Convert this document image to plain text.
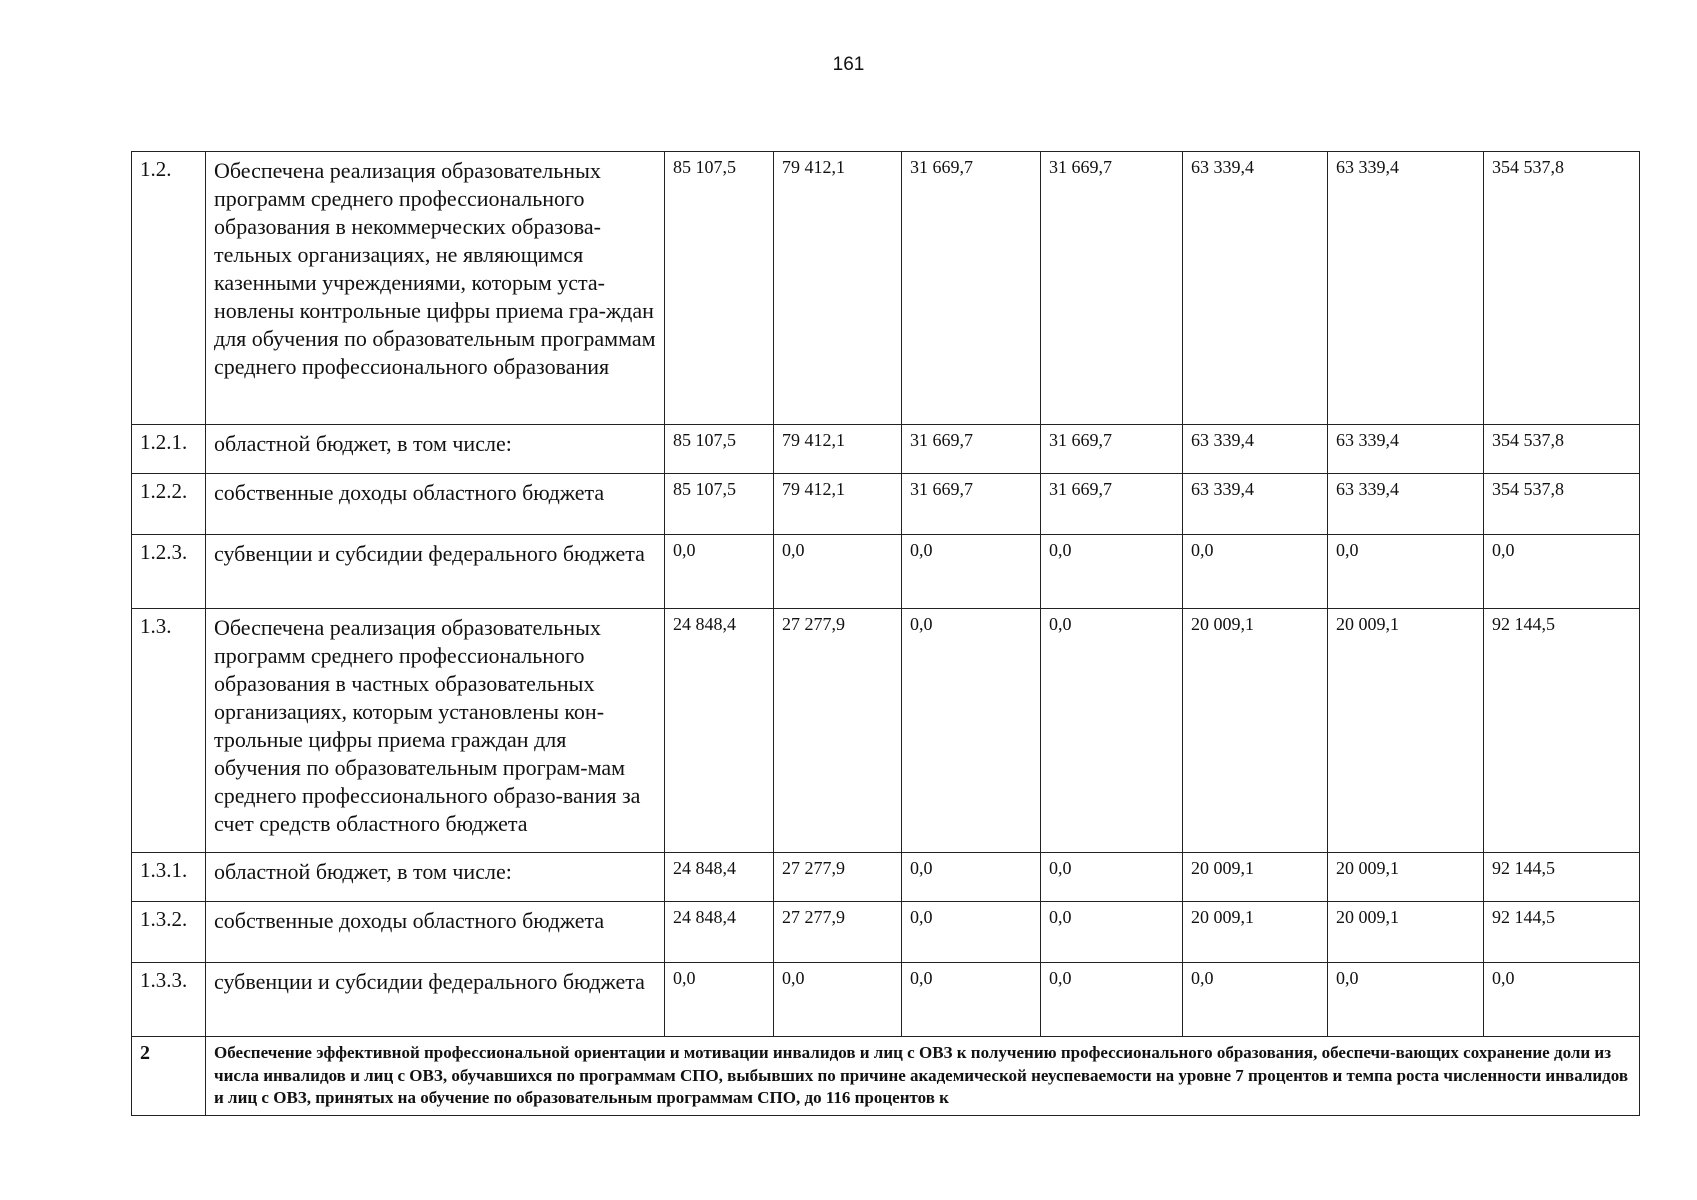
161
1.2.	Обеспечена реализация образовательных программ среднего профессионального образования в некоммерческих образова-тельных организациях, не являющимся казенными учреждениями, которым уста-новлены контрольные цифры приема гра-ждан для обучения по образовательным программам среднего профессионального образования	85 107,5	79 412,1	31 669,7	31 669,7	63 339,4	63 339,4	354 537,8
1.2.1.	областной бюджет, в том числе:	85 107,5	79 412,1	31 669,7	31 669,7	63 339,4	63 339,4	354 537,8
1.2.2.	собственные доходы областного бюджета	85 107,5	79 412,1	31 669,7	31 669,7	63 339,4	63 339,4	354 537,8
1.2.3.	субвенции и субсидии федерального бюджета	0,0	0,0	0,0	0,0	0,0	0,0	0,0
1.3.	Обеспечена реализация образовательных программ среднего профессионального образования в частных образовательных организациях, которым установлены кон-трольные цифры приема граждан для обучения по образовательным програм-мам среднего профессионального образо-вания за счет средств областного бюджета	24 848,4	27 277,9	0,0	0,0	20 009,1	20 009,1	92 144,5
1.3.1.	областной бюджет, в том числе:	24 848,4	27 277,9	0,0	0,0	20 009,1	20 009,1	92 144,5
1.3.2.	собственные доходы областного бюджета	24 848,4	27 277,9	0,0	0,0	20 009,1	20 009,1	92 144,5
1.3.3.	субвенции и субсидии федерального бюджета	0,0	0,0	0,0	0,0	0,0	0,0	0,0
2	Обеспечение эффективной профессиональной ориентации и мотивации инвалидов и лиц с ОВЗ к получению профессионального образования, обеспечи-вающих сохранение доли из числа инвалидов и лиц с ОВЗ, обучавшихся по программам СПО, выбывших по причине академической неуспеваемости на уровне 7 процентов и темпа роста численности инвалидов и лиц с ОВЗ, принятых на обучение по образовательным программам СПО, до 116 процентов к							
